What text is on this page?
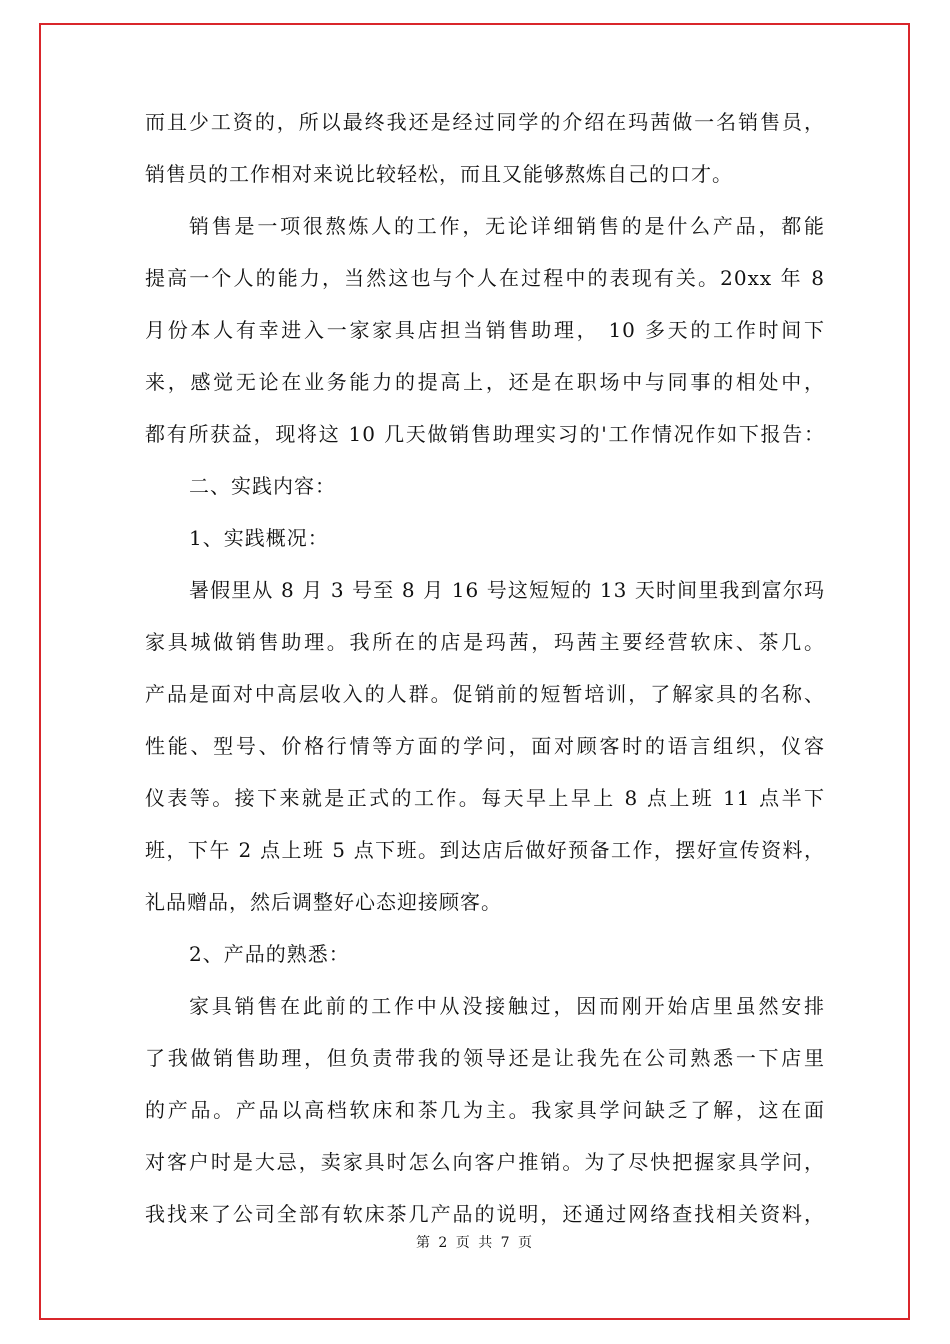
而且少工资的，所以最终我还是经过同学的介绍在玛茜做一名销售员，
销售员的工作相对来说比较轻松，而且又能够熬炼自己的口才。
销售是一项很熬炼人的工作，无论详细销售的是什么产品，都能
提高一个人的能力，当然这也与个人在过程中的表现有关。20xx 年 8
月份本人有幸进入一家家具店担当销售助理， 10 多天的工作时间下
来，感觉无论在业务能力的提高上，还是在职场中与同事的相处中，
都有所获益，现将这 10 几天做销售助理实习的'工作情况作如下报告：
二、实践内容：
1、实践概况：
暑假里从 8 月 3 号至 8 月 16 号这短短的 13 天时间里我到富尔玛
家具城做销售助理。我所在的店是玛茜，玛茜主要经营软床、茶几。
产品是面对中高层收入的人群。促销前的短暂培训，了解家具的名称、
性能、型号、价格行情等方面的学问，面对顾客时的语言组织，仪容
仪表等。接下来就是正式的工作。每天早上早上 8 点上班 11 点半下
班，下午 2 点上班 5 点下班。到达店后做好预备工作，摆好宣传资料，
礼品赠品，然后调整好心态迎接顾客。
2、产品的熟悉：
家具销售在此前的工作中从没接触过，因而刚开始店里虽然安排
了我做销售助理，但负责带我的领导还是让我先在公司熟悉一下店里
的产品。产品以高档软床和茶几为主。我家具学问缺乏了解，这在面
对客户时是大忌，卖家具时怎么向客户推销。为了尽快把握家具学问，
我找来了公司全部有软床茶几产品的说明，还通过网络查找相关资料，
第 2 页 共 7 页
